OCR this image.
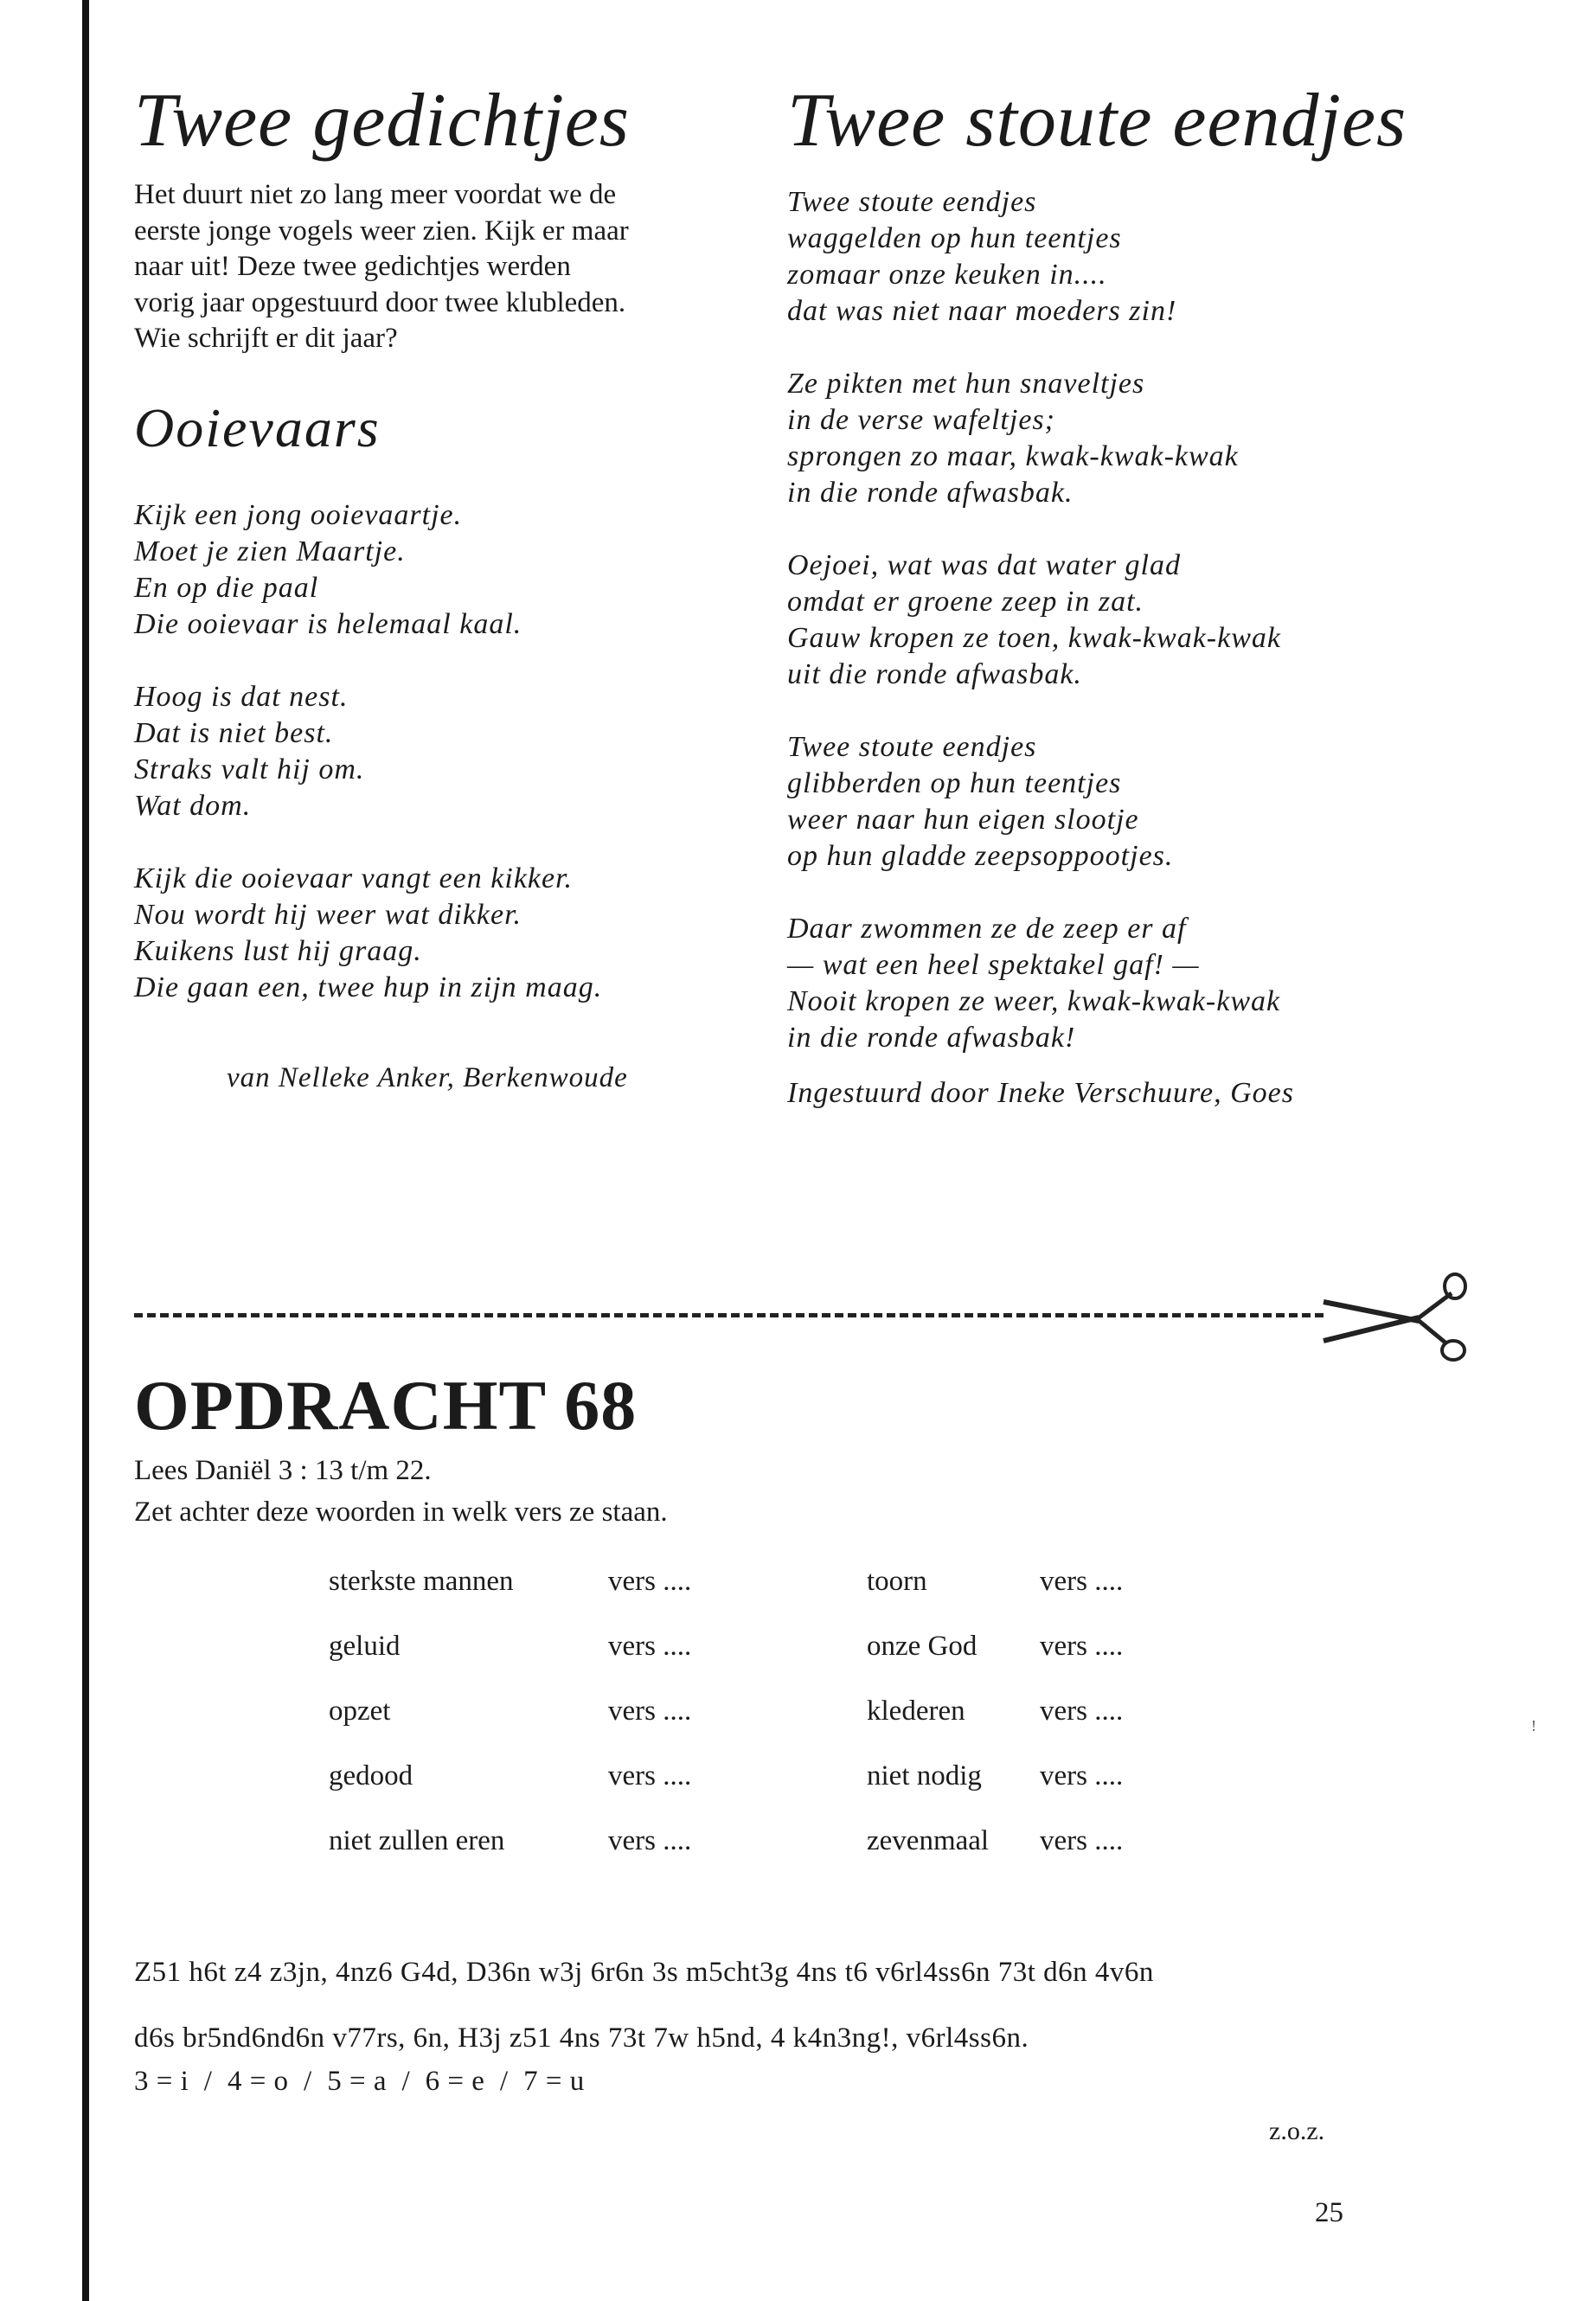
Twee gedichtjes
Het duurt niet zo lang meer voordat we de
eerste jonge vogels weer zien. Kijk er maar
naar uit! Deze twee gedichtjes werden
vorig jaar opgestuurd door twee klubleden.
Wie schrijft er dit jaar?
Ooievaars
Kijk een jong ooievaartje.
Moet je zien Maartje.
En op die paal
Die ooievaar is helemaal kaal.
Hoog is dat nest.
Dat is niet best.
Straks valt hij om.
Wat dom.
Kijk die ooievaar vangt een kikker.
Nou wordt hij weer wat dikker.
Kuikens lust hij graag.
Die gaan een, twee hup in zijn maag.
van Nelleke Anker, Berkenwoude
Twee stoute eendjes
Twee stoute eendjes
waggelden op hun teentjes
zomaar onze keuken in....
dat was niet naar moeders zin!
Ze pikten met hun snaveltjes
in de verse wafeltjes;
sprongen zo maar, kwak-kwak-kwak
in die ronde afwasbak.
Oejoei, wat was dat water glad
omdat er groene zeep in zat.
Gauw kropen ze toen, kwak-kwak-kwak
uit die ronde afwasbak.
Twee stoute eendjes
glibberden op hun teentjes
weer naar hun eigen slootje
op hun gladde zeepsoppootjes.
Daar zwommen ze de zeep er af
— wat een heel spektakel gaf! —
Nooit kropen ze weer, kwak-kwak-kwak
in die ronde afwasbak!
Ingestuurd door Ineke Verschuure, Goes
OPDRACHT 68
Lees Daniël 3 : 13 t/m 22.
Zet achter deze woorden in welk vers ze staan.
sterkste mannen	vers ....	toorn	vers ....
geluid	vers ....	onze God vers ....
opzet	vers ....	klederen	vers ....
gedood	vers ....	niet nodig vers ....
niet zullen eren	vers ....	zevenmaal vers ....
Z51 h6t z4 z3jn, 4nz6 G4d, D36n w3j 6r6n 3s m5cht3g 4ns t6 v6rl4ss6n 73t d6n 4v6n
d6s br5nd6nd6n v77rs, 6n, H3j z51 4ns 73t 7w h5nd, 4 k4n3ng!, v6rl4ss6n.
3 = i  /  4 = o  /  5 = a  /  6 = e  /  7 = u
!
z.o.z.
25
